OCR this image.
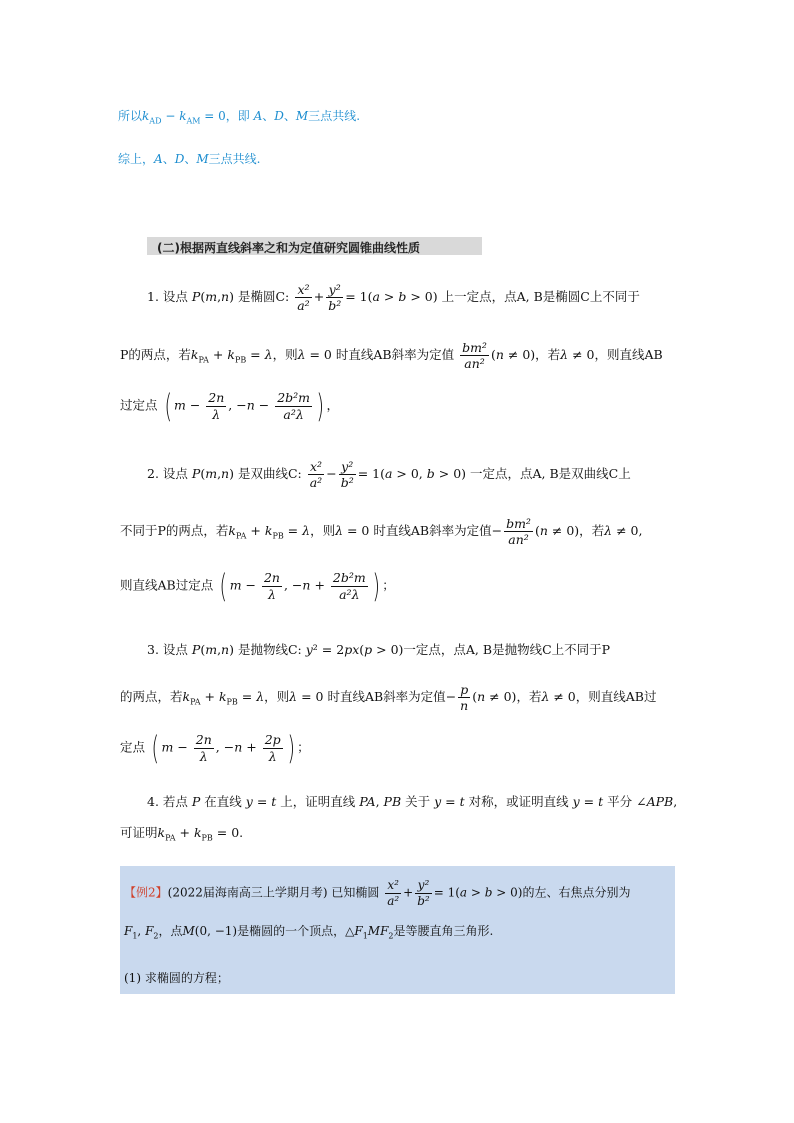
所以$k_{AD} - k_{AM} = 0$，即 A、D、M三点共线.
综上，A、D、M三点共线.
(二)根据两直线斜率之和为定值研究圆锥曲线性质
1. 设点 P(m,n) 是椭圆C: $\frac{\text{x²}}{\text{a²}} + \frac{\text{y²}}{\text{b²}} = 1(a > b > 0)$ 上一定点，点A, B是椭圆C上不同于
P的两点，若$k_{PA} + k_{PB} = \lambda$，则λ = 0 时直线AB斜率为定值 $\frac{\text{bm²}}{\text{an²}} (n \ne 0)$，若λ ≠ 0，则直线AB
过定点 ( $m - \frac{2n}{\lambda}$ , $-n - \frac{\text{2b²m}}{\text{a²λ}}$ ) ，
2. 设点 P(m,n) 是双曲线C: $\frac{\text{x²}}{\text{a²}} - \frac{\text{y²}}{\text{b²}} = 1(a > 0$, b > 0) 一定点，点A, B是双曲线C上
不同于P的两点，若$k_{PA} + k_{PB} = \lambda$，则λ = 0 时直线AB斜率为定值− $\frac{\text{bm²}}{\text{an²}} (n \ne 0)$，若λ ≠ 0,
则直线AB过定点 ( $m - \frac{2n}{\lambda}$ , $-n + \frac{\text{2b²m}}{\text{a²λ}}$ ) ；
3. 设点 P(m,n) 是抛物线C: y² = 2px(p > 0)一定点，点A, B是抛物线C上不同于P
的两点，若$k_{PA} + k_{PB} = \lambda$，则λ = 0 时直线AB斜率为定值− $\frac{p}{n} (n \ne 0)$，若λ ≠ 0，则直线AB过
定点 ( $m - \frac{2n}{\lambda}$ , $-n + \frac{2p}{\lambda}$ ) ；
4. 若点 P 在直线 y = t 上，证明直线 PA, PB 关于 y = t 对称，或证明直线 y = t 平分 ∠APB,
可证明$k_{PA} + k_{PB} = 0$.
【例2】(2022届海南高三上学期月考) 已知椭圆 $\frac{\text{x²}}{\text{a²}} + \frac{\text{y²}}{\text{b²}} = 1(a > b > 0)$的左、右焦点分别为
$F_1$, $F_2$，点M(0, −1)是椭圆的一个顶点，$\triangle F_1MF_2$是等腰直角三角形.
(1) 求椭圆的方程；
